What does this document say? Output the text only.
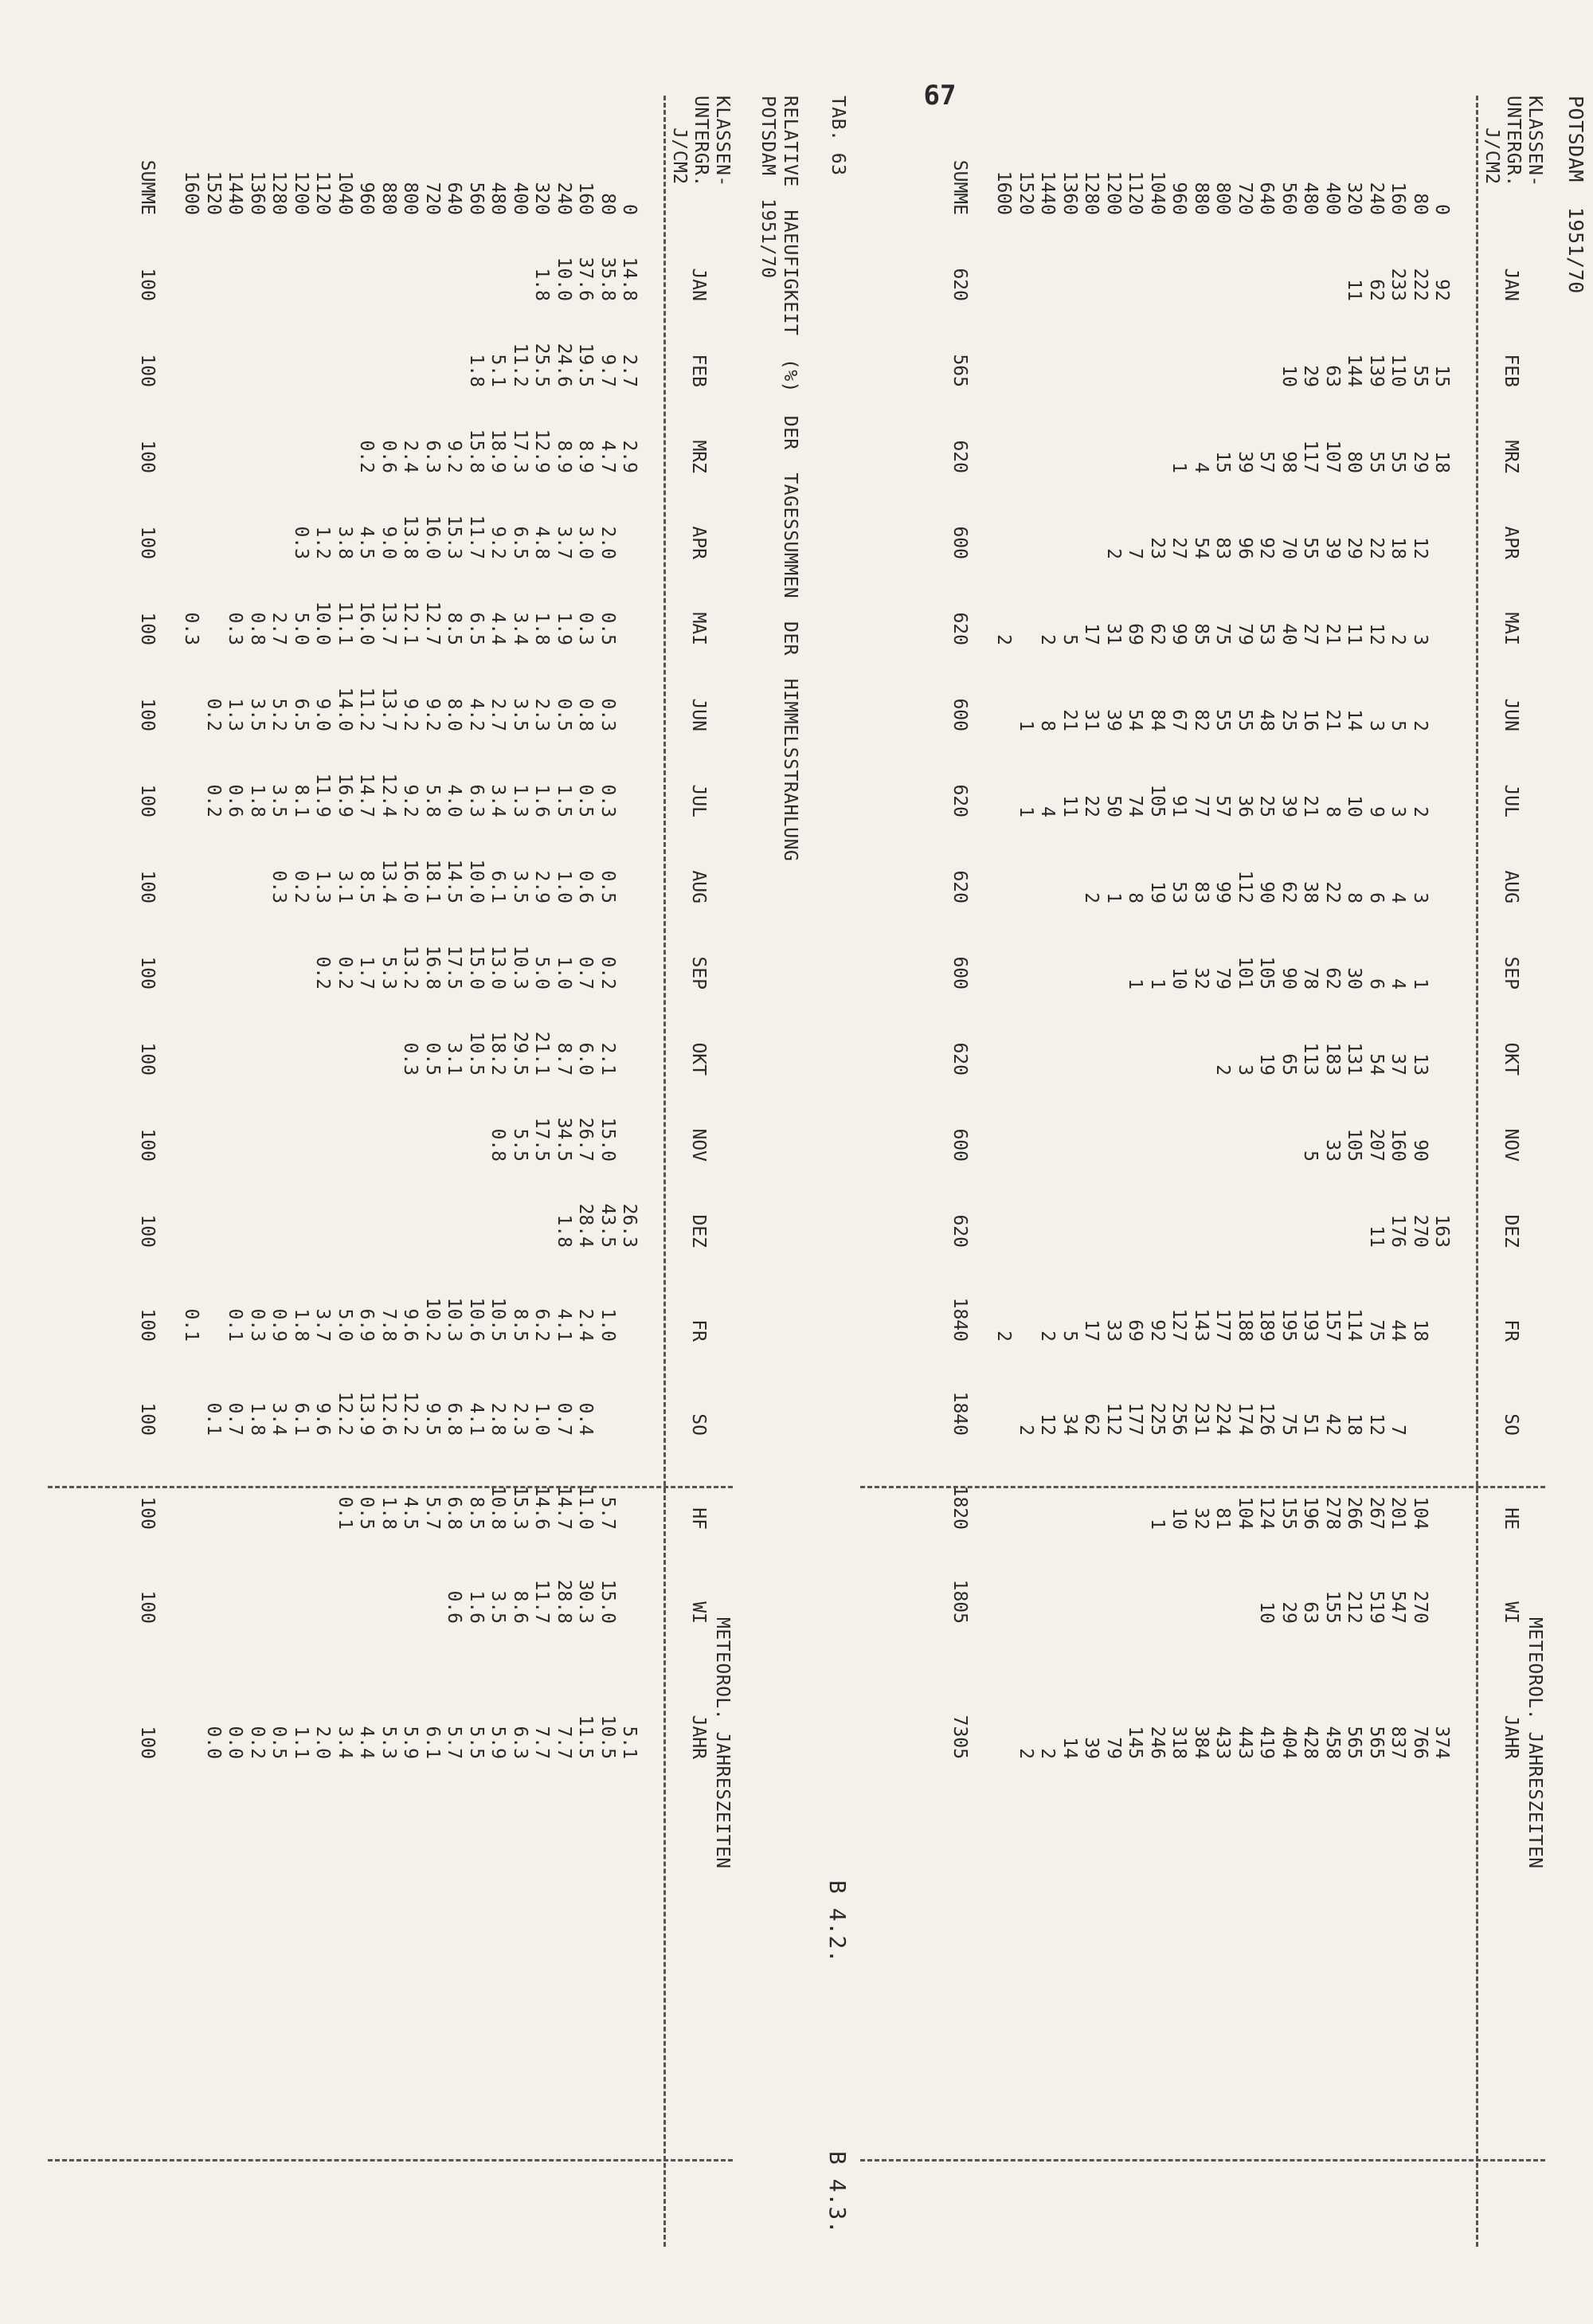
67	POTSDAM  1951/70
KLASSEN-
UNTERGR.
J/CM2
METEOROL. JAHRESZEITEN
	JAN	FEB	MRZ	APR	MAI	JUN	JUL	AUG	SEP	OKT	NOV	DEZ	FR	SO	HE	WI	JAHR
0	92	15	18									163					374
80	222	55	29	12	3	2	2	3	1	13	90	270	18		104	270	766
160	233	110	55	18	2	5	3	4	4	37	160	176	44	7	201	547	837
240	62	139	55	22	12	3	9	6	6	54	207	11	75	12	267	519	565
320	11	144	80	29	11	14	10	8	30	131	105		114	18	266	212	565
400		63	107	39	21	21	8	22	62	183	33		157	42	278	155	458
480		29	117	55	27	16	21	38	78	113	5		193	51	196	63	428
560		10	98	70	40	25	39	62	90	65			195	75	155	29	404
640			57	92	53	48	25	90	105	19			189	126	124	10	419
720			39	96	79	55	36	112	101	3			188	174	104		443
800			15	83	75	55	57	99	79	2			177	224	81		433
880			4	54	85	82	77	83	32				143	231	32		384
960			1	27	99	67	91	53	10				127	256	10		318
1040				23	62	84	105	19	1				92	225	1		246
1120				7	69	54	74	8	1				69	177			145
1200				2	31	39	50	1					33	112			79
1280					17	31	22	2					17	62			39
1360					5	21	11						5	34			14
1440					2	8	4						2	12			2
1520						1	1							2			2
1600					2								2				
SUMME	620	565	620	600	620	600	620	620	600	620	600	620	1840	1840	1820	1805	7305
B 4.2.
B 4.3.
TAB. 63
RELATIVE  HAEUFIGKEIT  (%)  DER  TAGESSUMMEN  DER  HIMMELSSTRAHLUNG
POTSDAM  1951/70
KLASSEN-
UNTERGR.
J/CM2
METEOROL. JAHRESZEITEN
	JAN	FEB	MRZ	APR	MAI	JUN	JUL	AUG	SEP	OKT	NOV	DEZ	FR	SO	HF	WI	JAHR
0	14.8	2.7	2.9									26.3					5.1
80	35.8	9.7	4.7	2.0	0.5	0.3	0.3	0.5	0.2	2.1	15.0	43.5	1.0		5.7	15.0	10.5
160	37.6	19.5	8.9	3.0	0.3	0.8	0.5	0.6	0.7	6.0	26.7	28.4	2.4	0.4	11.0	30.3	11.5
240	10.0	24.6	8.9	3.7	1.9	0.5	1.5	1.0	1.0	8.7	34.5	1.8	4.1	0.7	14.7	28.8	7.7
320	1.8	25.5	12.9	4.8	1.8	2.3	1.6	2.9	5.0	21.1	17.5		6.2	1.0	14.6	11.7	7.7
400		11.2	17.3	6.5	3.4	3.5	1.3	3.5	10.3	29.5	5.5		8.5	2.3	15.3	8.6	6.3
480		5.1	18.9	9.2	4.4	2.7	3.4	6.1	13.0	18.2	0.8		10.5	2.8	10.8	3.5	5.9
560		1.8	15.8	11.7	6.5	4.2	6.3	10.0	15.0	10.5			10.6	4.1	8.5	1.6	5.5
640			9.2	15.3	8.5	8.0	4.0	14.5	17.5	3.1			10.3	6.8	6.8	0.6	5.7
720			6.3	16.0	12.7	9.2	5.8	18.1	16.8	0.5			10.2	9.5	5.7		6.1
800			2.4	13.8	12.1	9.2	9.2	16.0	13.2	0.3			9.6	12.2	4.5		5.9
880			0.6	9.0	13.7	13.7	12.4	13.4	5.3				7.8	12.6	1.8		5.3
960			0.2	4.5	16.0	11.2	14.7	8.5	1.7				6.9	13.9	0.5		4.4
1040				3.8	11.1	14.0	16.9	3.1	0.2				5.0	12.2	0.1		3.4
1120				1.2	10.0	9.0	11.9	1.3	0.2				3.7	9.6			2.0
1200				0.3	5.0	6.5	8.1	0.2					1.8	6.1			1.1
1280					2.7	5.2	3.5	0.3					0.9	3.4			0.5
1360					0.8	3.5	1.8						0.3	1.8			0.2
1440					0.3	1.3	0.6						0.1	0.7			0.0
1520						0.2	0.2							0.1			0.0
1600					0.3								0.1				
SUMME	100	100	100	100	100	100	100	100	100	100	100	100	100	100	100	100	100
